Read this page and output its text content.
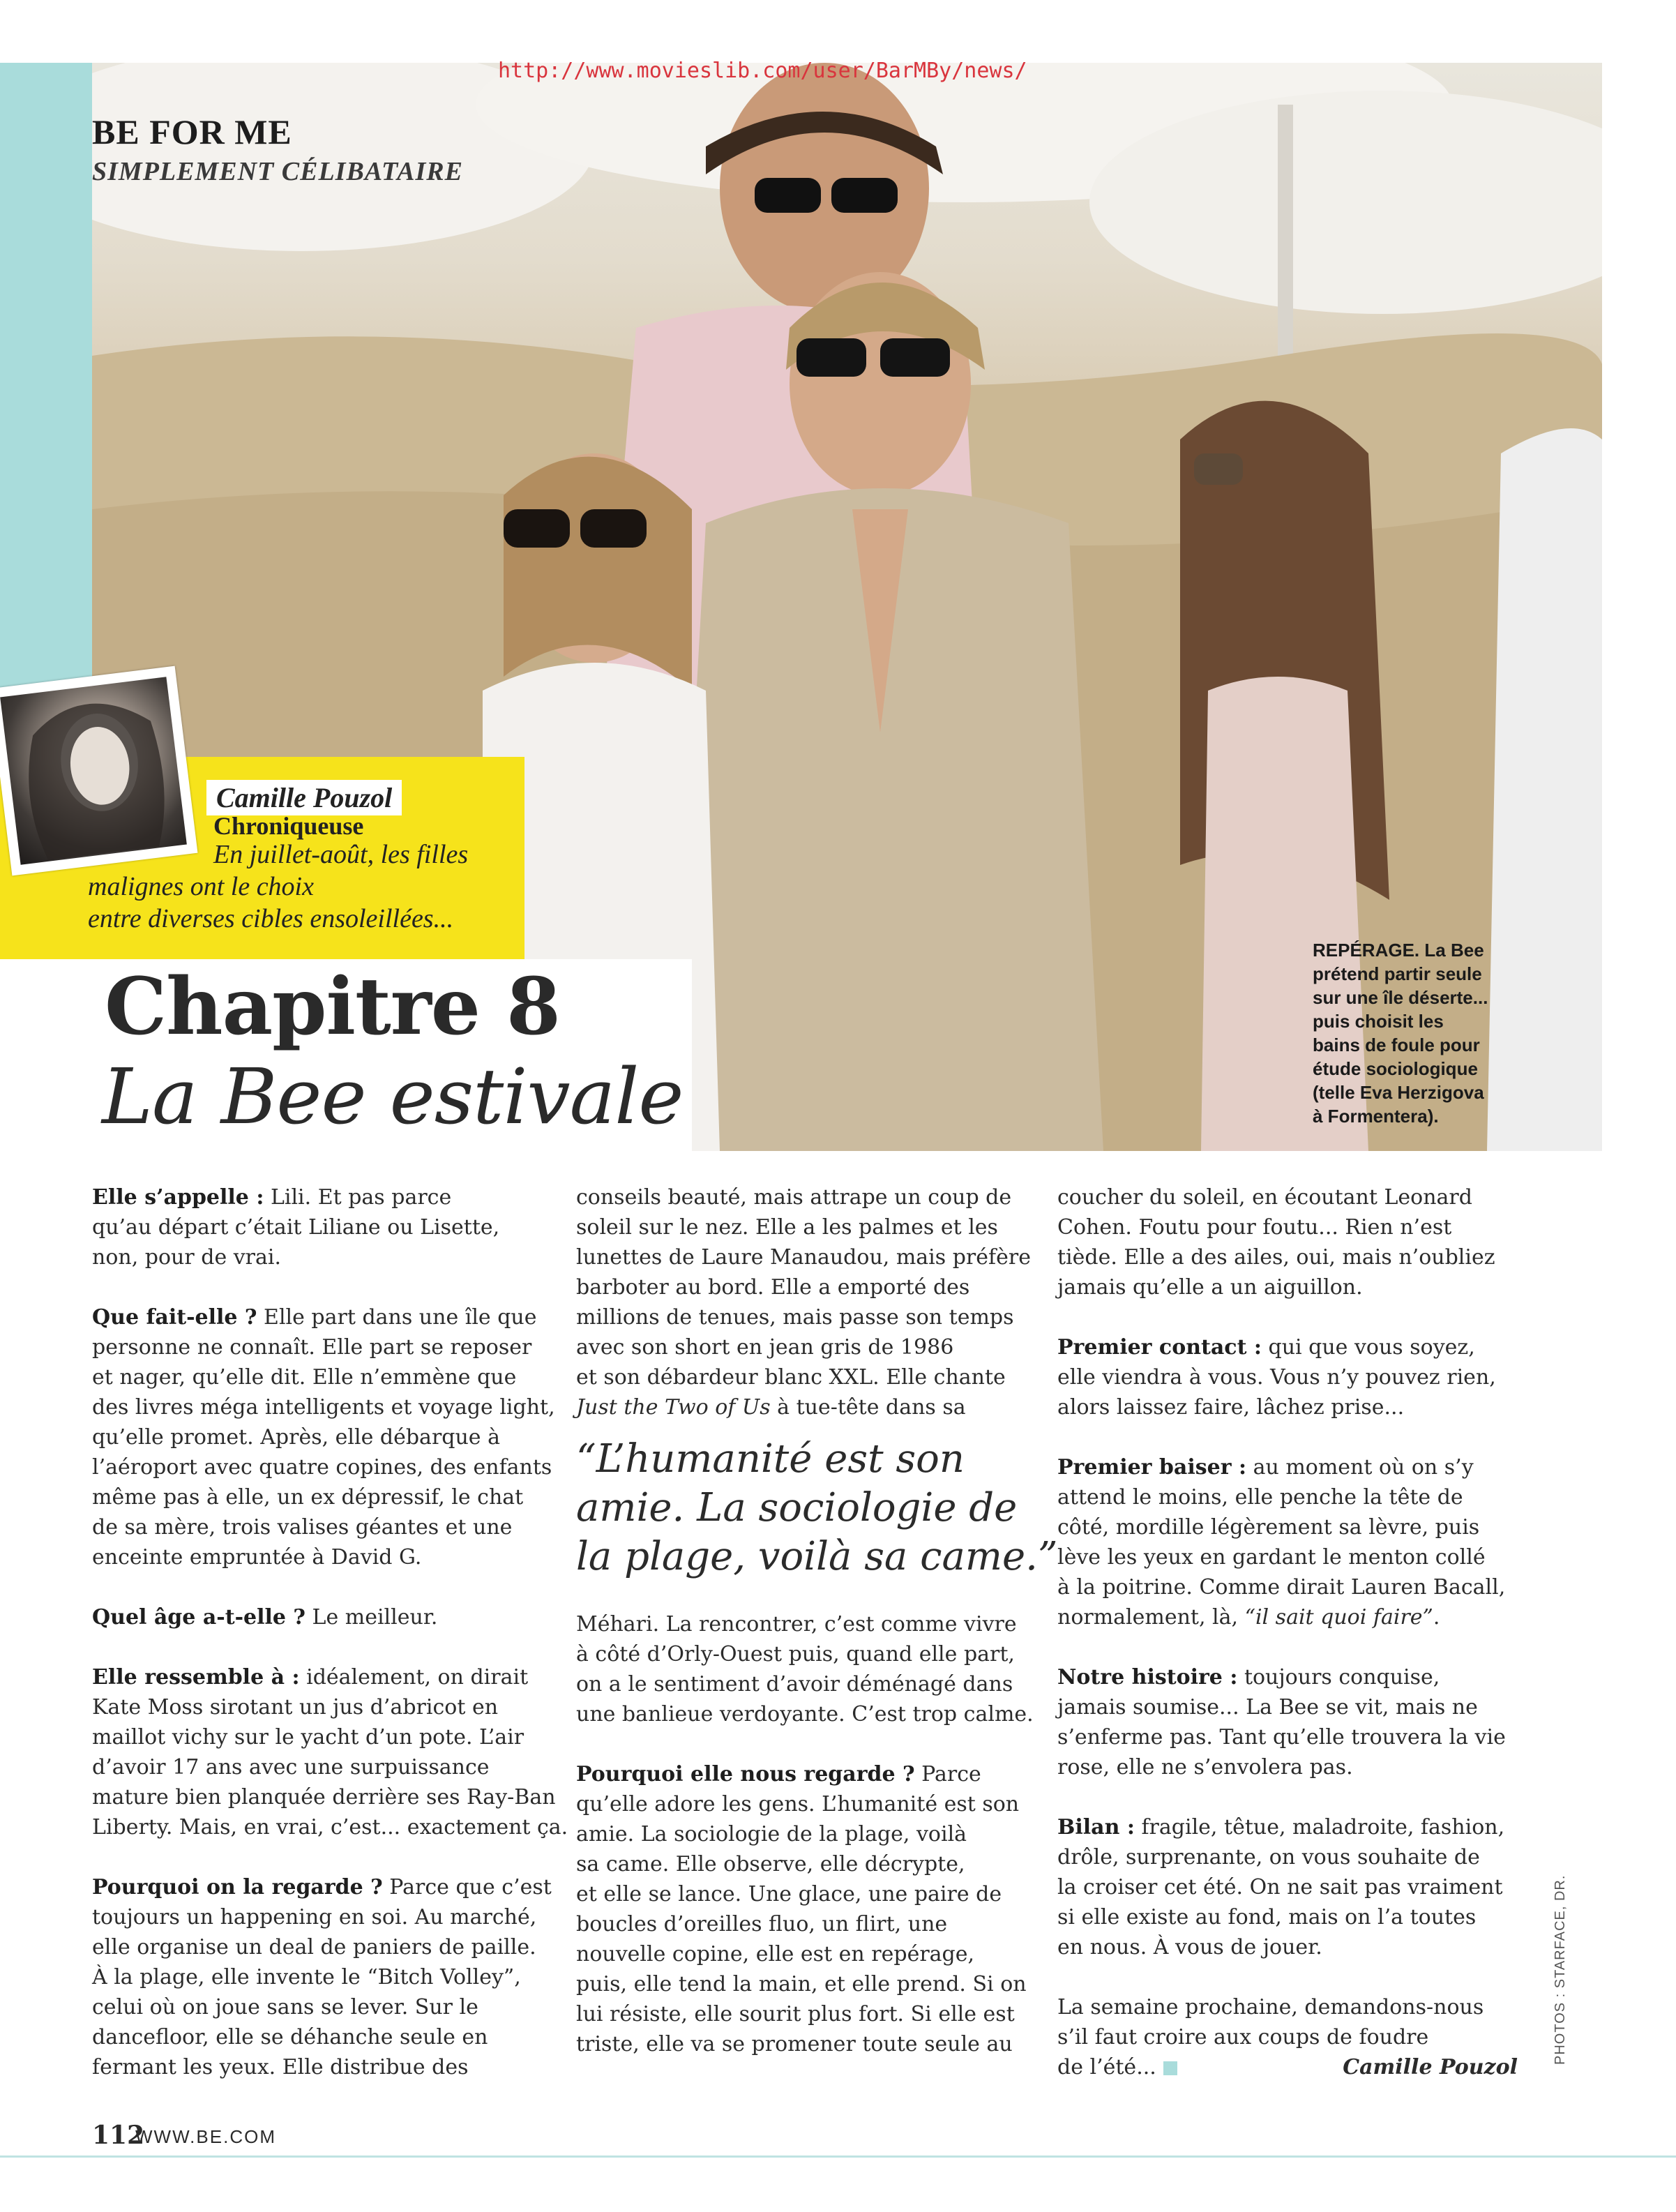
http://www.movieslib.com/user/BarMBy/news/
BE FOR ME
SIMPLEMENT CÉLIBATAIRE
REPÉRAGE. La Bee
prétend partir seule
sur une île déserte...
puis choisit les
bains de foule pour
étude sociologique
(telle Eva Herzigova
à Formentera).
Camille Pouzol
Chroniqueuse
En juillet-août, les filles
malignes ont le choix
entre diverses cibles ensoleillées...
Chapitre 8
La Bee estivale

Elle s’appelle : Lili. Et pas parce
qu’au départ c’était Liliane ou Lisette,
non, pour de vrai.

Que fait-elle ? Elle part dans une île que
personne ne connaît. Elle part se reposer
et nager, qu’elle dit. Elle n’emmène que
des livres méga intelligents et voyage light,
qu’elle promet. Après, elle débarque à
l’aéroport avec quatre copines, des enfants
même pas à elle, un ex dépressif, le chat
de sa mère, trois valises géantes et une
enceinte empruntée à David G.

Quel âge a-t-elle ? Le meilleur.

Elle ressemble à : idéalement, on dirait
Kate Moss sirotant un jus d’abricot en
maillot vichy sur le yacht d’un pote. L’air
d’avoir 17 ans avec une surpuissance
mature bien planquée derrière ses Ray-Ban
Liberty. Mais, en vrai, c’est... exactement ça.

Pourquoi on la regarde ? Parce que c’est
toujours un happening en soi. Au marché,
elle organise un deal de paniers de paille.
À la plage, elle invente le “Bitch Volley”,
celui où on joue sans se lever. Sur le
dancefloor, elle se déhanche seule en
fermant les yeux. Elle distribue des

conseils beauté, mais attrape un coup de
soleil sur le nez. Elle a les palmes et les
lunettes de Laure Manaudou, mais préfère
barboter au bord. Elle a emporté des
millions de tenues, mais passe son temps
avec son short en jean gris de 1986
et son débardeur blanc XXL. Elle chante
Just the Two of Us à tue-tête dans sa

“L’humanité est son
amie. La sociologie de
la plage, voilà sa came.”

Méhari. La rencontrer, c’est comme vivre
à côté d’Orly-Ouest puis, quand elle part,
on a le sentiment d’avoir déménagé dans
une banlieue verdoyante. C’est trop calme.

Pourquoi elle nous regarde ? Parce
qu’elle adore les gens. L’humanité est son
amie. La sociologie de la plage, voilà
sa came. Elle observe, elle décrypte,
et elle se lance. Une glace, une paire de
boucles d’oreilles fluo, un flirt, une
nouvelle copine, elle est en repérage,
puis, elle tend la main, et elle prend. Si on
lui résiste, elle sourit plus fort. Si elle est
triste, elle va se promener toute seule au

coucher du soleil, en écoutant Leonard
Cohen. Foutu pour foutu... Rien n’est
tiède. Elle a des ailes, oui, mais n’oubliez
jamais qu’elle a un aiguillon.

Premier contact : qui que vous soyez,
elle viendra à vous. Vous n’y pouvez rien,
alors laissez faire, lâchez prise...

Premier baiser : au moment où on s’y
attend le moins, elle penche la tête de
côté, mordille légèrement sa lèvre, puis
lève les yeux en gardant le menton collé
à la poitrine. Comme dirait Lauren Bacall,
normalement, là, “il sait quoi faire”.

Notre histoire : toujours conquise,
jamais soumise... La Bee se vit, mais ne
s’enferme pas. Tant qu’elle trouvera la vie
rose, elle ne s’envolera pas.

Bilan : fragile, têtue, maladroite, fashion,
drôle, surprenante, on vous souhaite de
la croiser cet été. On ne sait pas vraiment
si elle existe au fond, mais on l’a toutes
en nous. À vous de jouer.

La semaine prochaine, demandons-nous
s’il faut croire aux coups de foudre
de l’été...	Camille Pouzol

PHOTOS : STARFACE, DR.
112
WWW.BE.COM
